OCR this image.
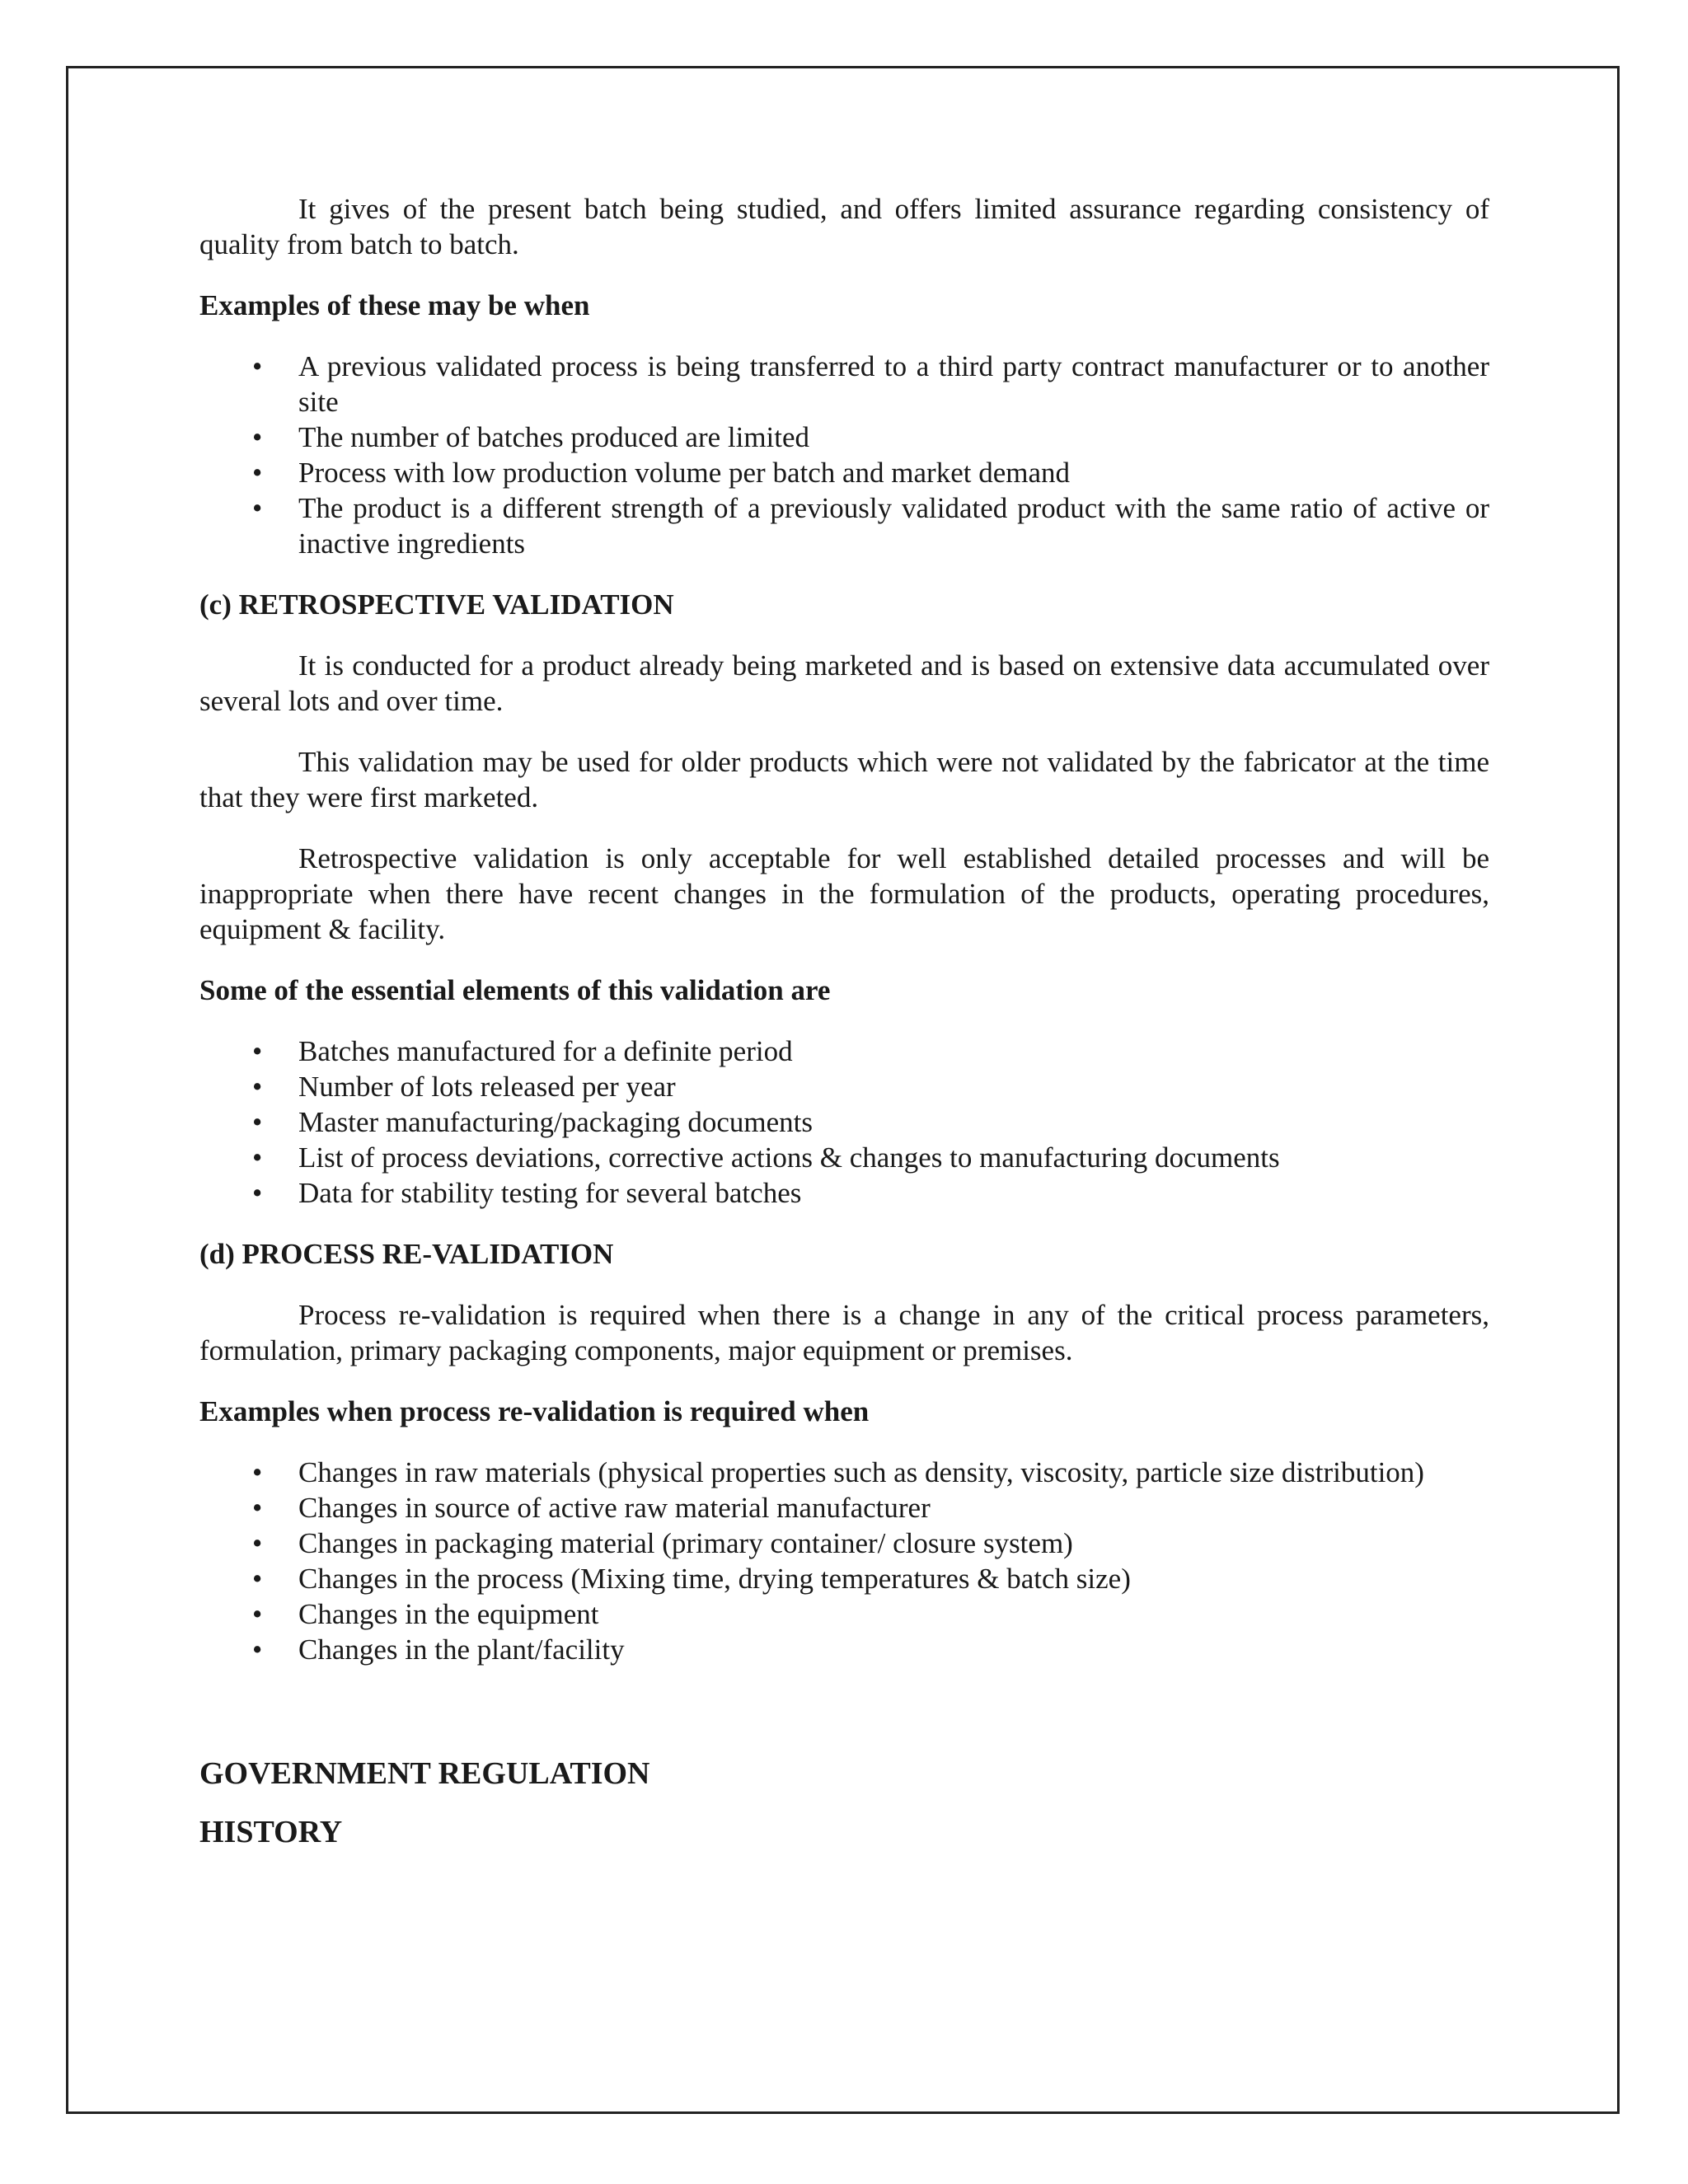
It gives of the present batch being studied, and offers limited assurance regarding consistency of quality from batch to batch.

Examples of these may be when

• A previous validated process is being transferred to a third party contract manufacturer or to another site
• The number of batches produced are limited
• Process with low production volume per batch and market demand
• The product is a different strength of a previously validated product with the same ratio of active or inactive ingredients

(c) RETROSPECTIVE VALIDATION

It is conducted for a product already being marketed and is based on extensive data accumulated over several lots and over time.

This validation may be used for older products which were not validated by the fabricator at the time that they were first marketed.

Retrospective validation is only acceptable for well established detailed processes and will be inappropriate when there have recent changes in the formulation of the products, operating procedures, equipment & facility.

Some of the essential elements of this validation are

• Batches manufactured for a definite period
• Number of lots released per year
• Master manufacturing/packaging documents
• List of process deviations, corrective actions & changes to manufacturing documents
• Data for stability testing for several batches

(d) PROCESS RE-VALIDATION

Process re-validation is required when there is a change in any of the critical process parameters, formulation, primary packaging components, major equipment or premises.

Examples when process re-validation is required when

• Changes in raw materials (physical properties such as density, viscosity, particle size distribution)
• Changes in source of active raw material manufacturer
• Changes in packaging material (primary container/ closure system)
• Changes in the process (Mixing time, drying temperatures & batch size)
• Changes in the equipment
• Changes in the plant/facility

GOVERNMENT REGULATION

HISTORY
